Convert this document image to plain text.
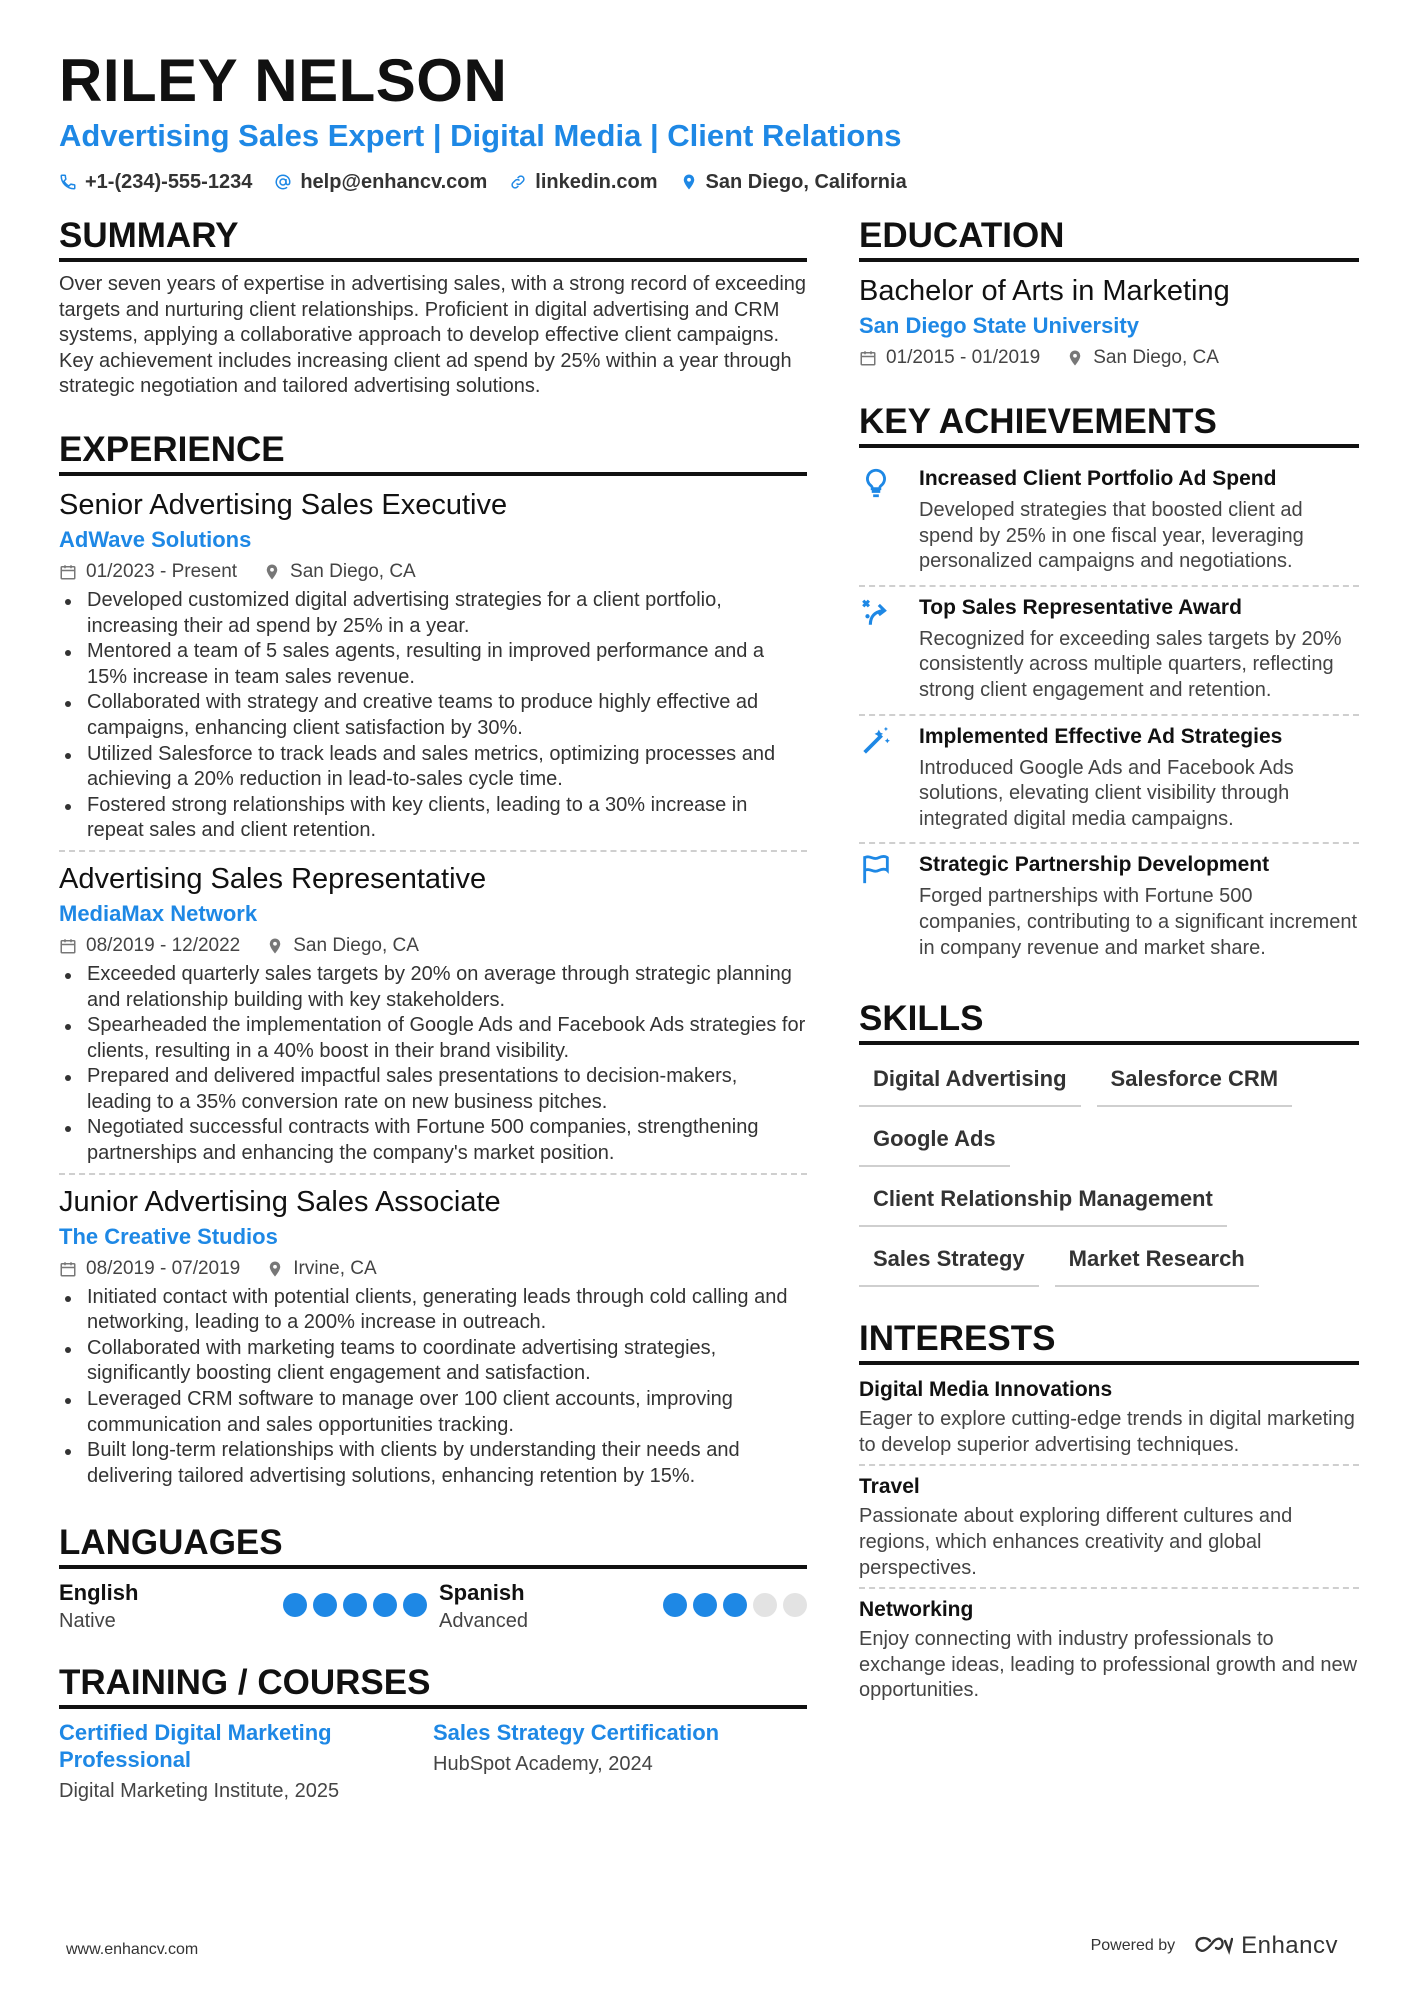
RILEY NELSON
Advertising Sales Expert | Digital Media | Client Relations
+1-(234)-555-1234 help@enhancv.com linkedin.com San Diego, California
SUMMARY

Over seven years of expertise in advertising sales, with a strong record of exceeding targets and nurturing client relationships. Proficient in digital advertising and CRM systems, applying a collaborative approach to develop effective client campaigns. Key achievement includes increasing client ad spend by 25% within a year through strategic negotiation and tailored advertising solutions.

EXPERIENCE
Senior Advertising Sales Executive
AdWave Solutions
01/2023 - Present	San Diego, CA
Developed customized digital advertising strategies for a client portfolio, increasing their ad spend by 25% in a year.
Mentored a team of 5 sales agents, resulting in improved performance and a 15% increase in team sales revenue.
Collaborated with strategy and creative teams to produce highly effective ad campaigns, enhancing client satisfaction by 30%.
Utilized Salesforce to track leads and sales metrics, optimizing processes and achieving a 20% reduction in lead-to-sales cycle time.
Fostered strong relationships with key clients, leading to a 30% increase in repeat sales and client retention.
Advertising Sales Representative
MediaMax Network
08/2019 - 12/2022	San Diego, CA
Exceeded quarterly sales targets by 20% on average through strategic planning and relationship building with key stakeholders.
Spearheaded the implementation of Google Ads and Facebook Ads strategies for clients, resulting in a 40% boost in their brand visibility.
Prepared and delivered impactful sales presentations to decision-makers, leading to a 35% conversion rate on new business pitches.
Negotiated successful contracts with Fortune 500 companies, strengthening partnerships and enhancing the company's market position.
Junior Advertising Sales Associate
The Creative Studios
08/2019 - 07/2019	Irvine, CA
Initiated contact with potential clients, generating leads through cold calling and networking, leading to a 200% increase in outreach.
Collaborated with marketing teams to coordinate advertising strategies, significantly boosting client engagement and satisfaction.
Leveraged CRM software to manage over 100 client accounts, improving communication and sales opportunities tracking.
Built long-term relationships with clients by understanding their needs and delivering tailored advertising solutions, enhancing retention by 15%.
LANGUAGES
English
Native
Spanish
Advanced
TRAINING / COURSES
Certified Digital Marketing Professional
Digital Marketing Institute, 2025
Sales Strategy Certification
HubSpot Academy, 2024
EDUCATION
Bachelor of Arts in Marketing
San Diego State University
01/2015 - 01/2019	San Diego, CA
KEY ACHIEVEMENTS
Increased Client Portfolio Ad Spend
Developed strategies that boosted client ad spend by 25% in one fiscal year, leveraging personalized campaigns and negotiations.
Top Sales Representative Award
Recognized for exceeding sales targets by 20% consistently across multiple quarters, reflecting strong client engagement and retention.
Implemented Effective Ad Strategies
Introduced Google Ads and Facebook Ads solutions, elevating client visibility through integrated digital media campaigns.
Strategic Partnership Development
Forged partnerships with Fortune 500 companies, contributing to a significant increment in company revenue and market share.
SKILLS
Digital Advertising	Salesforce CRM
Google Ads
Client Relationship Management
Sales Strategy	Market Research
INTERESTS
Digital Media Innovations
Eager to explore cutting-edge trends in digital marketing to develop superior advertising techniques.
Travel
Passionate about exploring different cultures and regions, which enhances creativity and global perspectives.
Networking
Enjoy connecting with industry professionals to exchange ideas, leading to professional growth and new opportunities.
www.enhancv.com	Powered by	Enhancv
